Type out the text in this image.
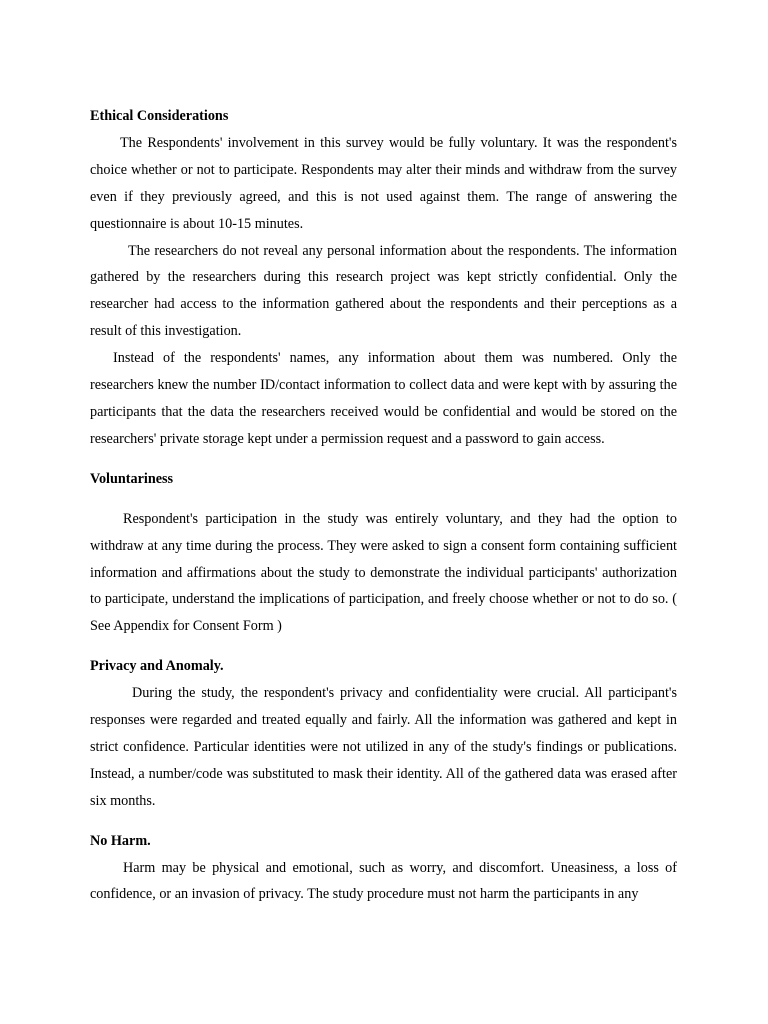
Ethical Considerations

The Respondents' involvement in this survey would be fully voluntary. It was the respondent's choice whether or not to participate. Respondents may alter their minds and withdraw from the survey even if they previously agreed, and this is not used against them. The range of answering the questionnaire is about 10-15 minutes.

The researchers do not reveal any personal information about the respondents. The information gathered by the researchers during this research project was kept strictly confidential. Only the researcher had access to the information gathered about the respondents and their perceptions as a result of this investigation.

Instead of the respondents' names, any information about them was numbered. Only the researchers knew the number ID/contact information to collect data and were kept with by assuring the participants that the data the researchers received would be confidential and would be stored on the researchers' private storage kept under a permission request and a password to gain access.

Voluntariness

Respondent's participation in the study was entirely voluntary, and they had the option to withdraw at any time during the process. They were asked to sign a consent form containing sufficient information and affirmations about the study to demonstrate the individual participants' authorization to participate, understand the implications of participation, and freely choose whether or not to do so. ( See Appendix for Consent Form )

Privacy and Anomaly.

During the study, the respondent's privacy and confidentiality were crucial. All participant's responses were regarded and treated equally and fairly. All the information was gathered and kept in strict confidence. Particular identities were not utilized in any of the study's findings or publications. Instead, a number/code was substituted to mask their identity. All of the gathered data was erased after six months.

No Harm.

Harm may be physical and emotional, such as worry, and discomfort. Uneasiness, a loss of confidence, or an invasion of privacy. The study procedure must not harm the participants in any
